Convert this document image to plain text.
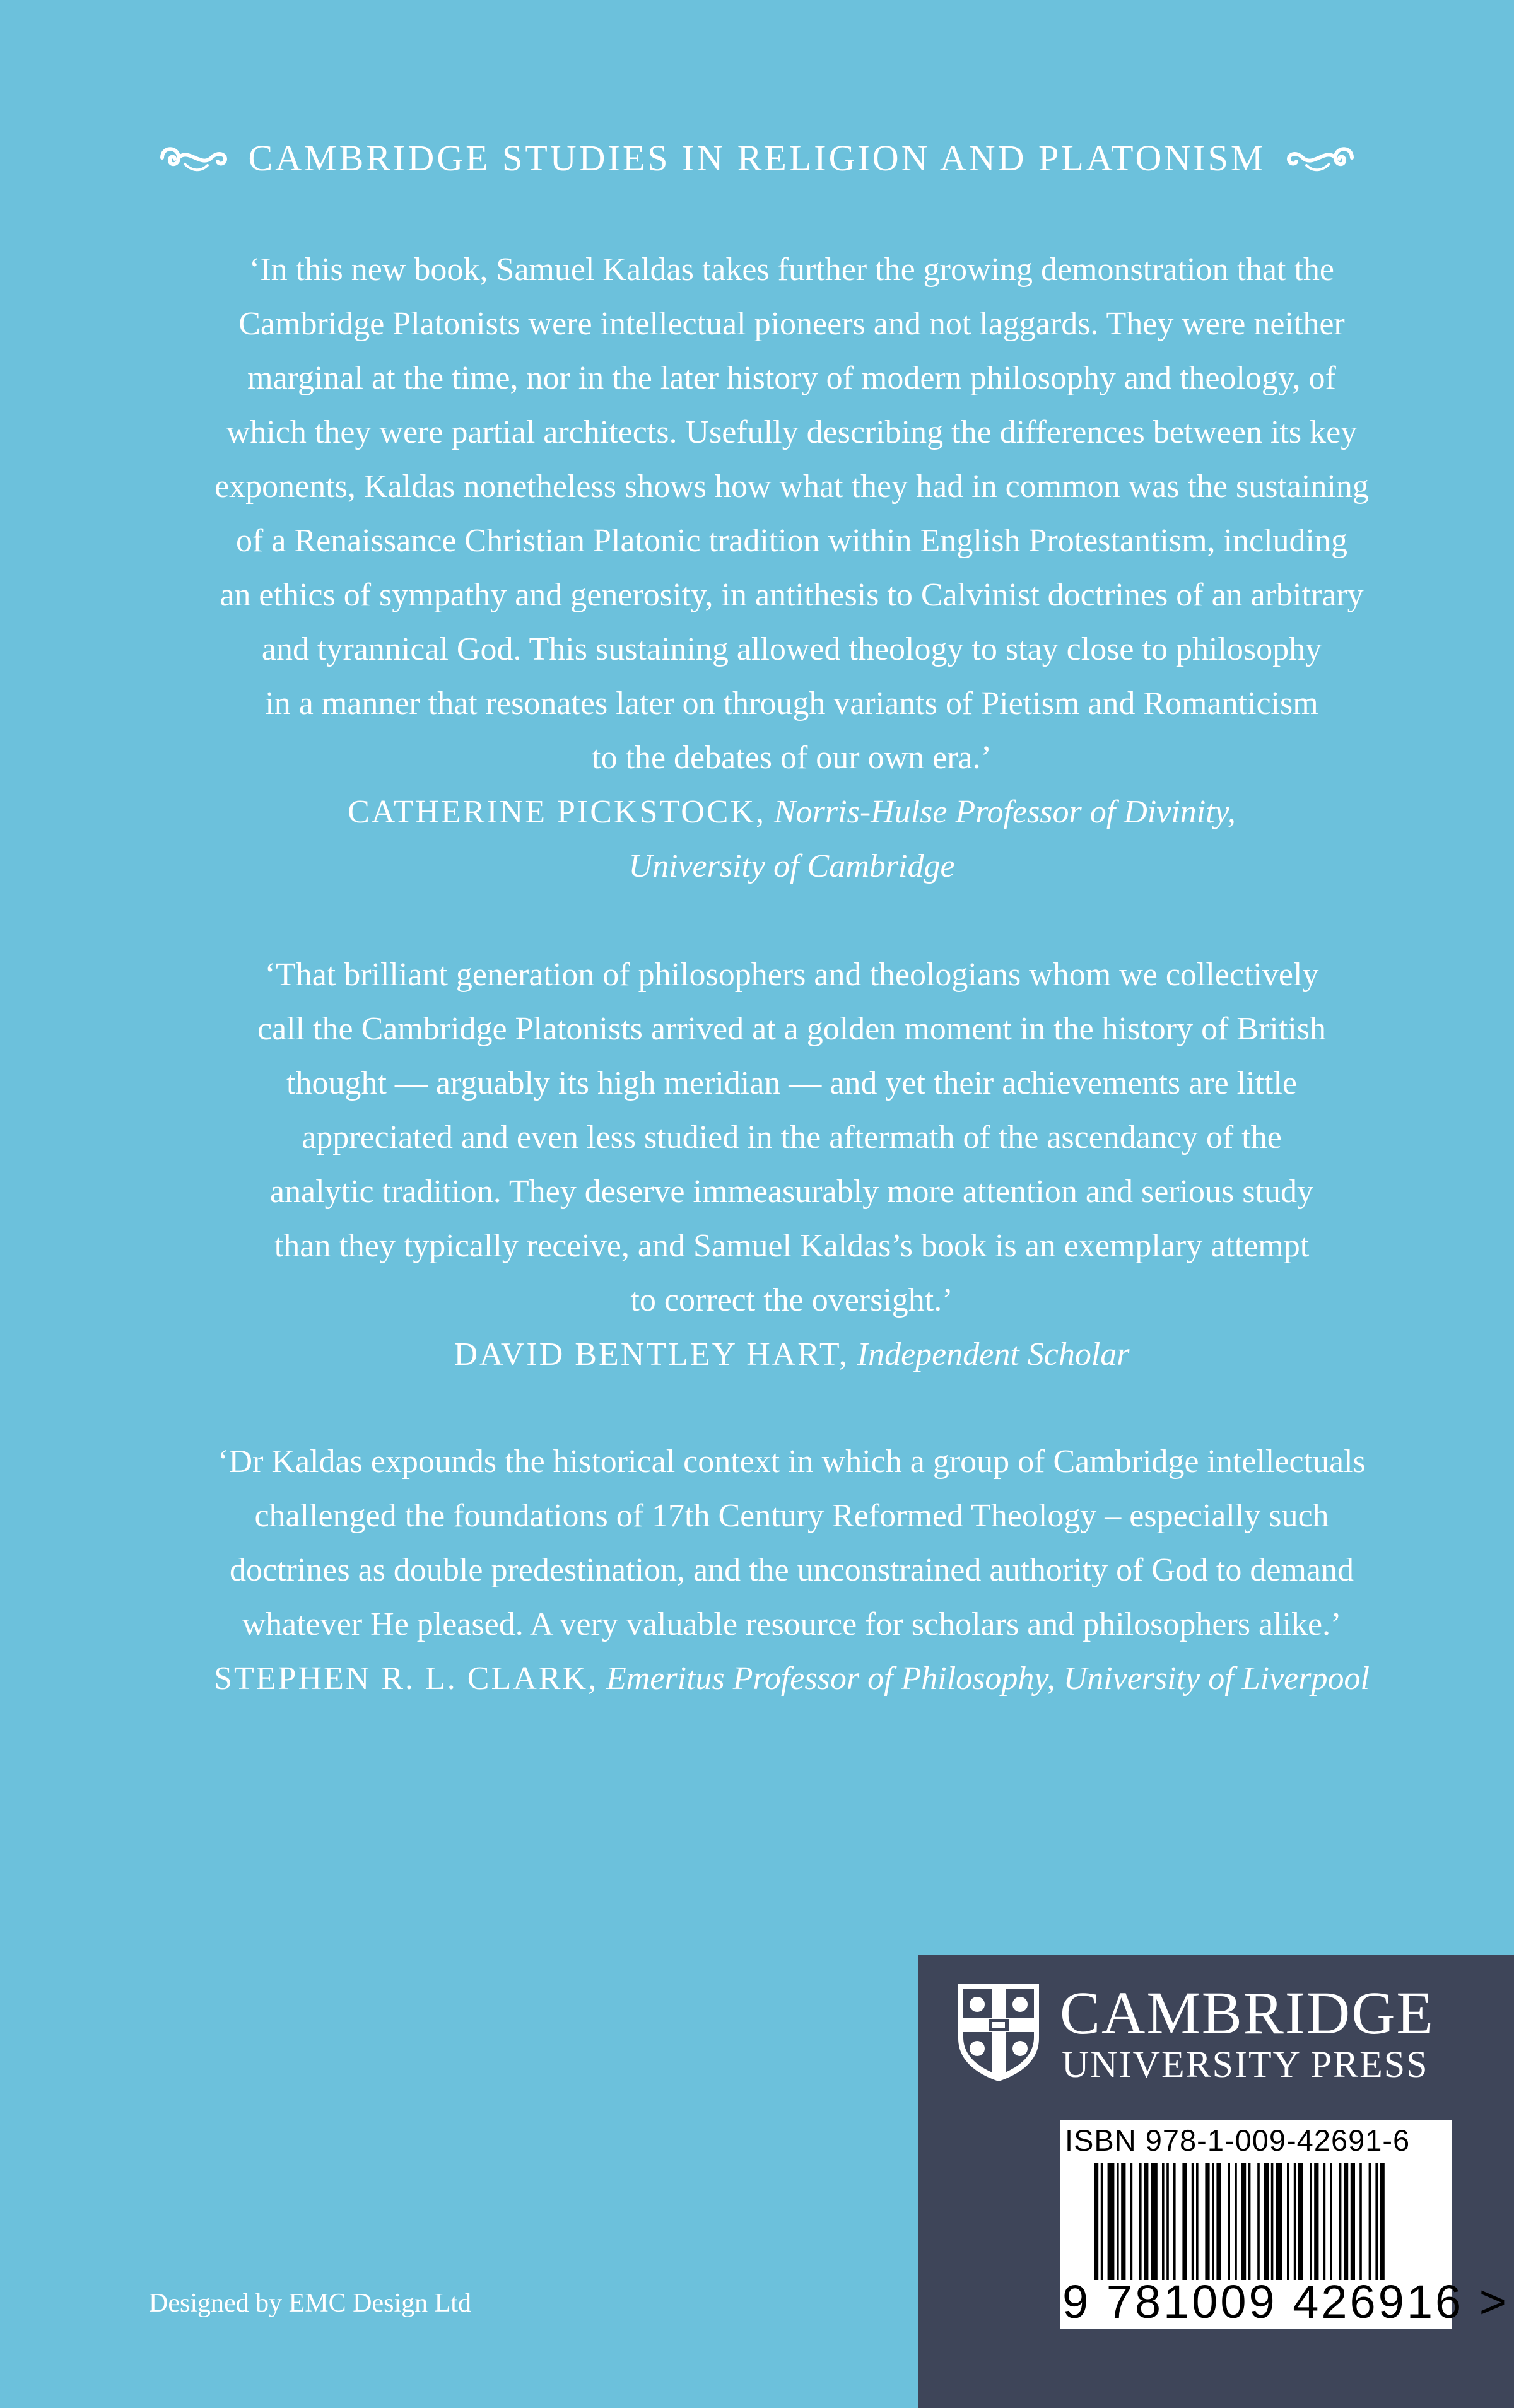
CAMBRIDGE STUDIES IN RELIGION AND PLATONISM

‘In this new book, Samuel Kaldas takes further the growing demonstration that the

Cambridge Platonists were intellectual pioneers and not laggards. They were neither

marginal at the time, nor in the later history of modern philosophy and theology, of

which they were partial architects. Usefully describing the differences between its key

exponents, Kaldas nonetheless shows how what they had in common was the sustaining

of a Renaissance Christian Platonic tradition within English Protestantism, including

an ethics of sympathy and generosity, in antithesis to Calvinist doctrines of an arbitrary

and tyrannical God. This sustaining allowed theology to stay close to philosophy

in a manner that resonates later on through variants of Pietism and Romanticism

to the debates of our own era.’

CATHERINE PICKSTOCK, Norris-Hulse Professor of Divinity,

University of Cambridge

‘That brilliant generation of philosophers and theologians whom we collectively

call the Cambridge Platonists arrived at a golden moment in the history of British

thought — arguably its high meridian — and yet their achievements are little

appreciated and even less studied in the aftermath of the ascendancy of the

analytic tradition. They deserve immeasurably more attention and serious study

than they typically receive, and Samuel Kaldas’s book is an exemplary attempt

to correct the oversight.’

DAVID BENTLEY HART, Independent Scholar

‘Dr Kaldas expounds the historical context in which a group of Cambridge intellectuals

challenged the foundations of 17th Century Reformed Theology – especially such

doctrines as double predestination, and the unconstrained authority of God to demand

whatever He pleased. A very valuable resource for scholars and philosophers alike.’

STEPHEN R. L. CLARK, Emeritus Professor of Philosophy, University of Liverpool

CAMBRIDGE
UNIVERSITY PRESS
ISBN 978-1-009-42691-6
9 781009 426916 >
Designed by EMC Design Ltd
